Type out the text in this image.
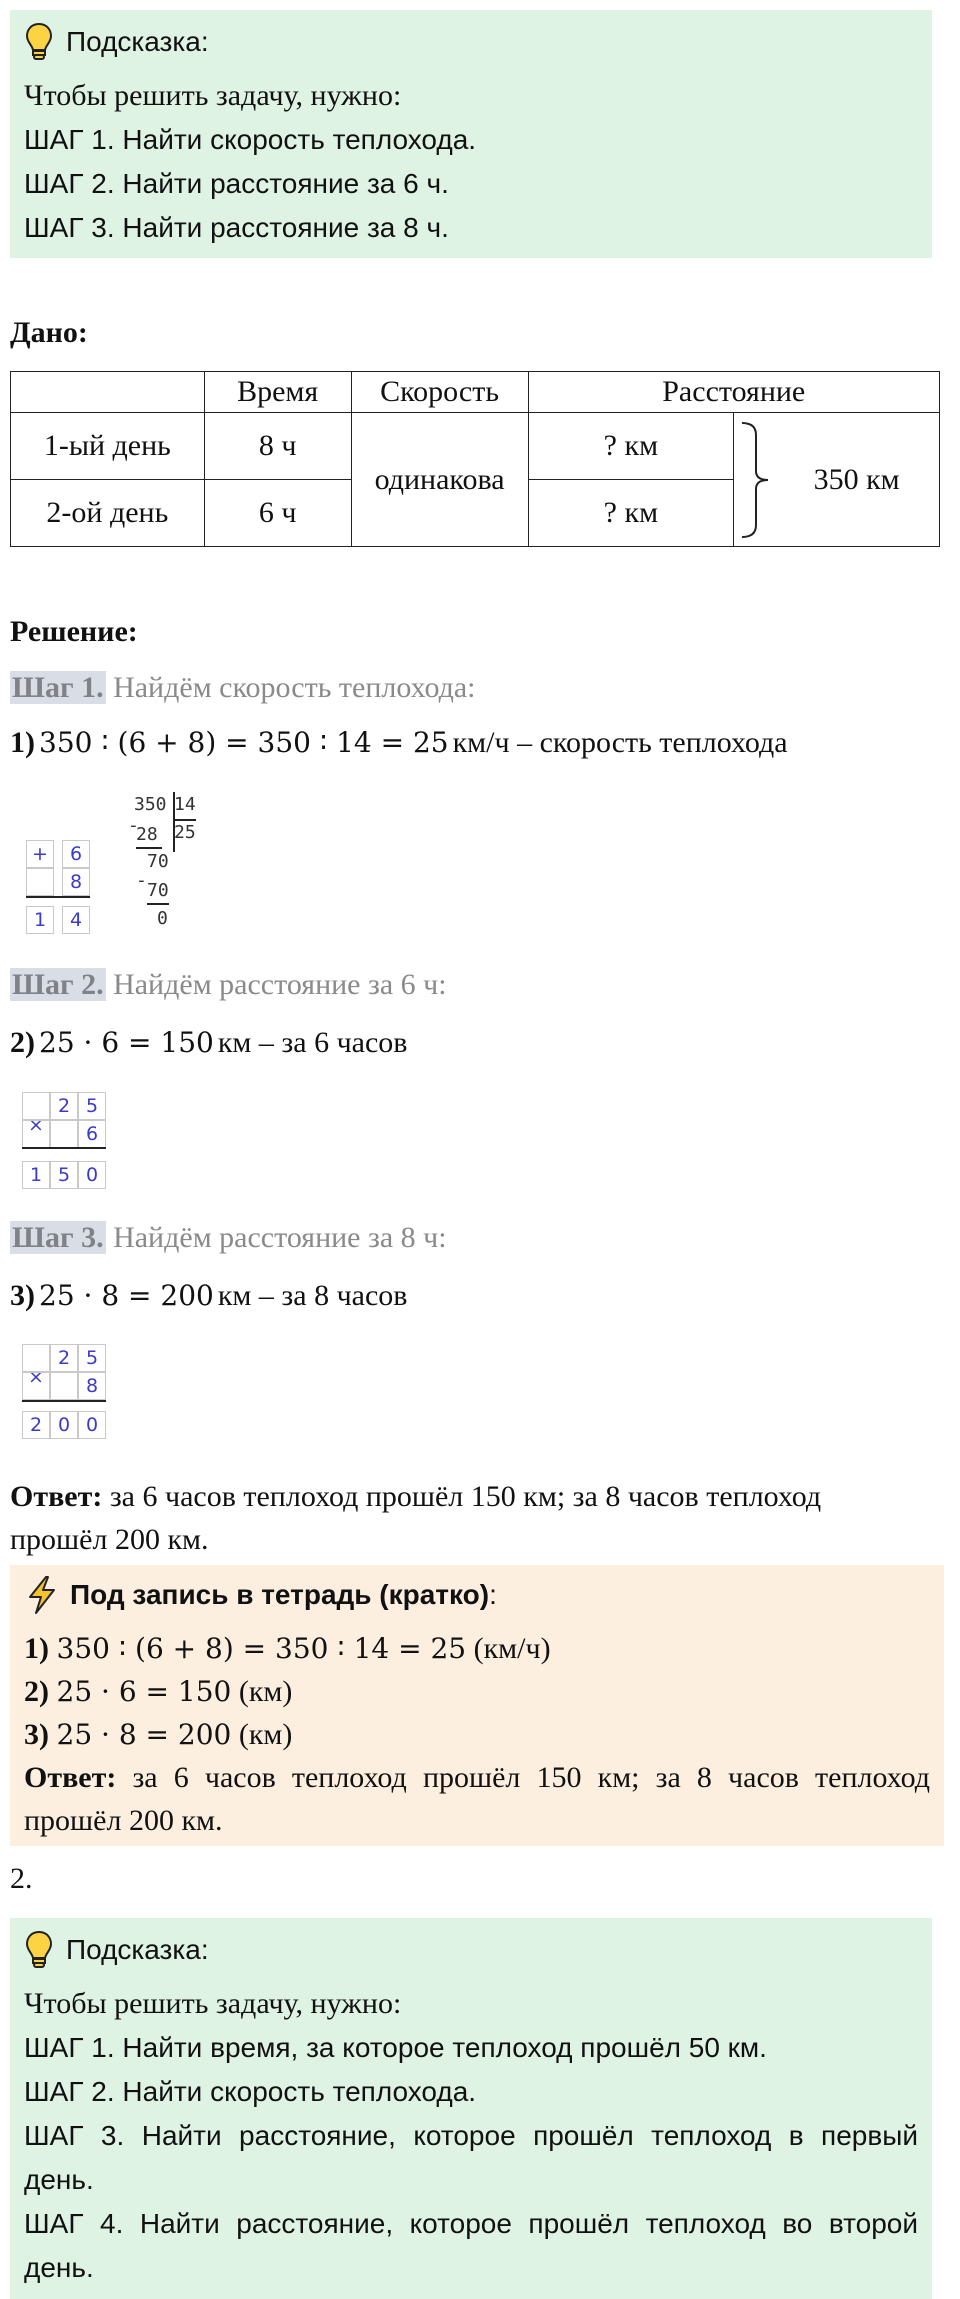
Подсказка:
Чтобы решить задачу, нужно:
ШАГ 1. Найти скорость теплохода.
ШАГ 2. Найти расстояние за 6 ч.
ШАГ 3. Найти расстояние за 8 ч.
Дано:
	Время	Скорость	Расстояние	
1-ый день	8 ч	одинакова	? км	350 км
2-ой день	6 ч		? км	
Решение:
Шаг 1. Найдём скорость теплохода:
1) 350 ∶ (6 + 8) = 350 ∶ 14 = 25 км/ч – скорость теплохода
+	6
8
1	4
350 14
25
-
28
70
- 70
0
Шаг 2. Найдём расстояние за 6 ч:
2) 25 · 6 = 150 км – за 6 часов
×
2 5
6
1 5 0
Шаг 3. Найдём расстояние за 8 ч:
3) 25 · 8 = 200 км – за 8 часов
×
2 5
8
2 0 0
Ответ: за 6 часов теплоход прошёл 150 км; за 8 часов теплоход
прошёл 200 км.
Под запись в тетрадь (кратко) :
1) 350 ∶ (6 + 8) = 350 ∶ 14 = 25 (км/ч)
2) 25 · 6 = 150 (км)
3) 25 · 8 = 200 (км)
Ответ: за 6 часов теплоход прошёл 150 км; за 8 часов теплоход прошёл 200 км.
2.
Подсказка:
Чтобы решить задачу, нужно:
ШАГ 1. Найти время, за которое теплоход прошёл 50 км.
ШАГ 2. Найти скорость теплохода.
ШАГ 3. Найти расстояние, которое прошёл теплоход в первый день.
ШАГ 4. Найти расстояние, которое прошёл теплоход во второй день.
